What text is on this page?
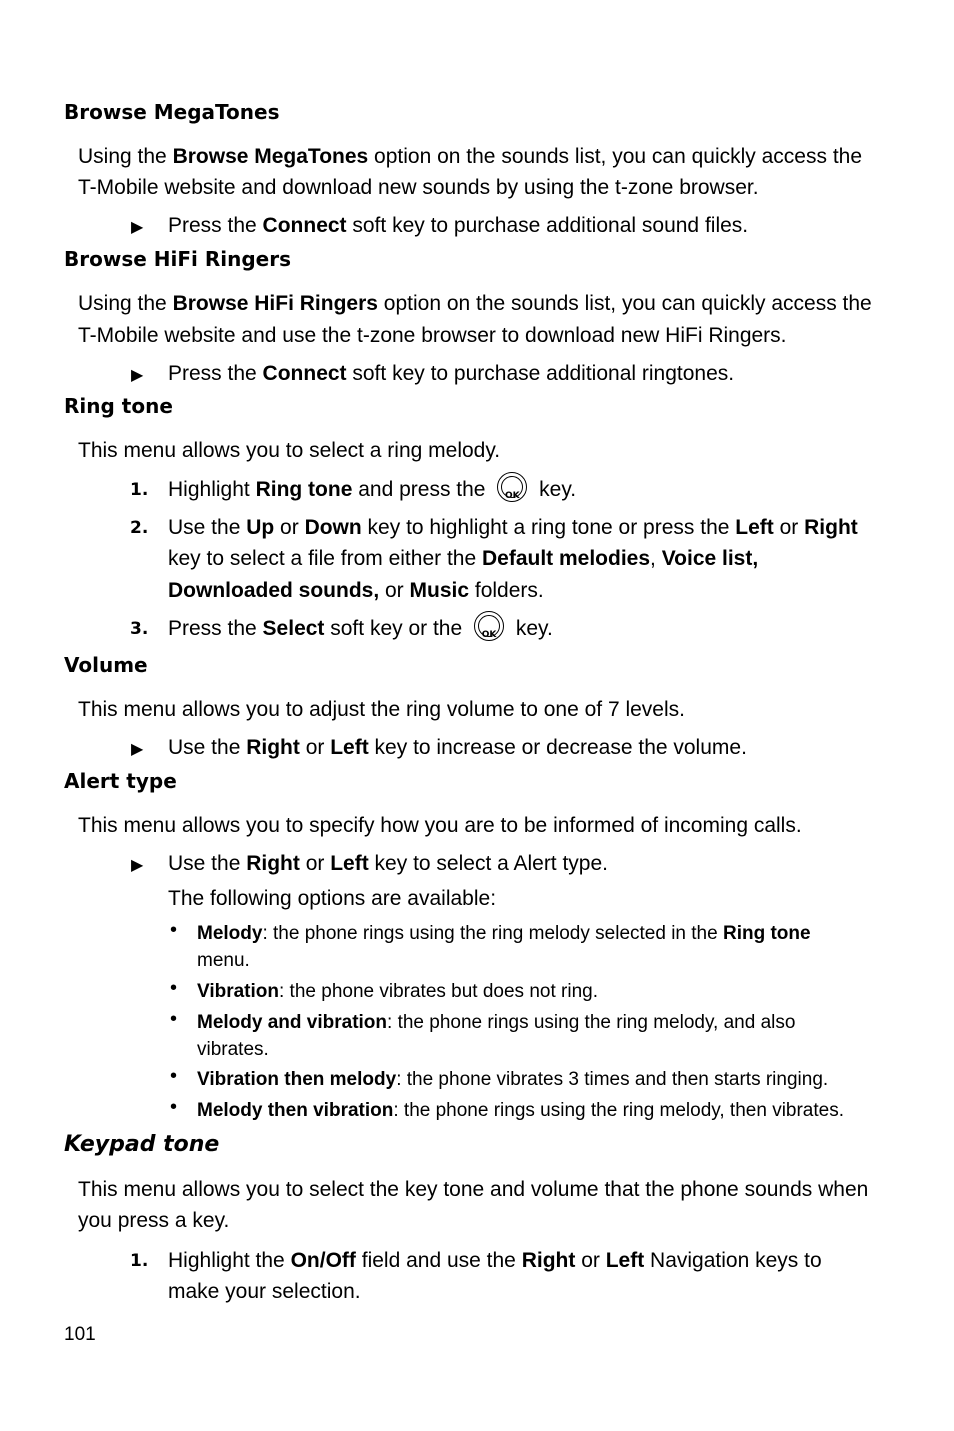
Browse MegaTones
Using the Browse MegaTones option on the sounds list, you can quickly access the
T-Mobile website and download new sounds by using the t-zone browser.
▶ Press the Connect soft key to purchase additional sound files.
Browse HiFi Ringers
Using the Browse HiFi Ringers option on the sounds list, you can quickly access the
T-Mobile website and use the t-zone browser to download new HiFi Ringers.
▶ Press the Connect soft key to purchase additional ringtones.
Ring tone
This menu allows you to select a ring melody.
1. Highlight Ring tone and press the	OK key.
2. Use the Up or Down key to highlight a ring tone or press the Left or Right
key to select a file from either the Default melodies, Voice list,
Downloaded sounds, or Music folders.
3. Press the Select soft key or the	OK key.
Volume
This menu allows you to adjust the ring volume to one of 7 levels.
▶ Use the Right or Left key to increase or decrease the volume.
Alert type
This menu allows you to specify how you are to be informed of incoming calls.
▶ Use the Right or Left key to select a Alert type.
The following options are available:
• Melody: the phone rings using the ring melody selected in the Ring tone
menu.
• Vibration: the phone vibrates but does not ring.
• Melody and vibration: the phone rings using the ring melody, and also
vibrates.
• Vibration then melody: the phone vibrates 3 times and then starts ringing.
• Melody then vibration: the phone rings using the ring melody, then vibrates.
Keypad tone
This menu allows you to select the key tone and volume that the phone sounds when
you press a key.
1. Highlight the On/Off field and use the Right or Left Navigation keys to
make your selection.
101
